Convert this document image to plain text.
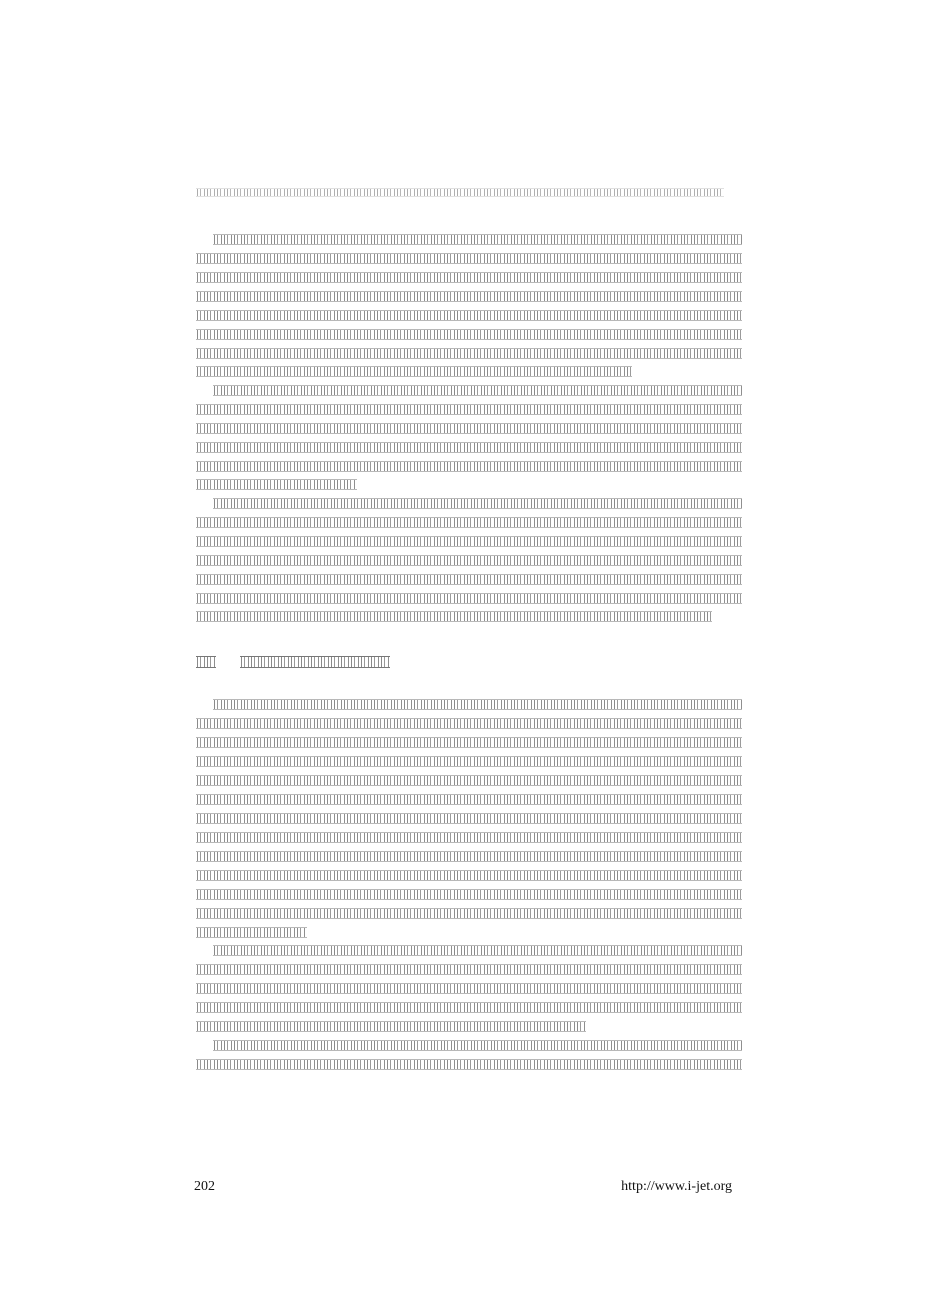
202	http://www.i-jet.org
